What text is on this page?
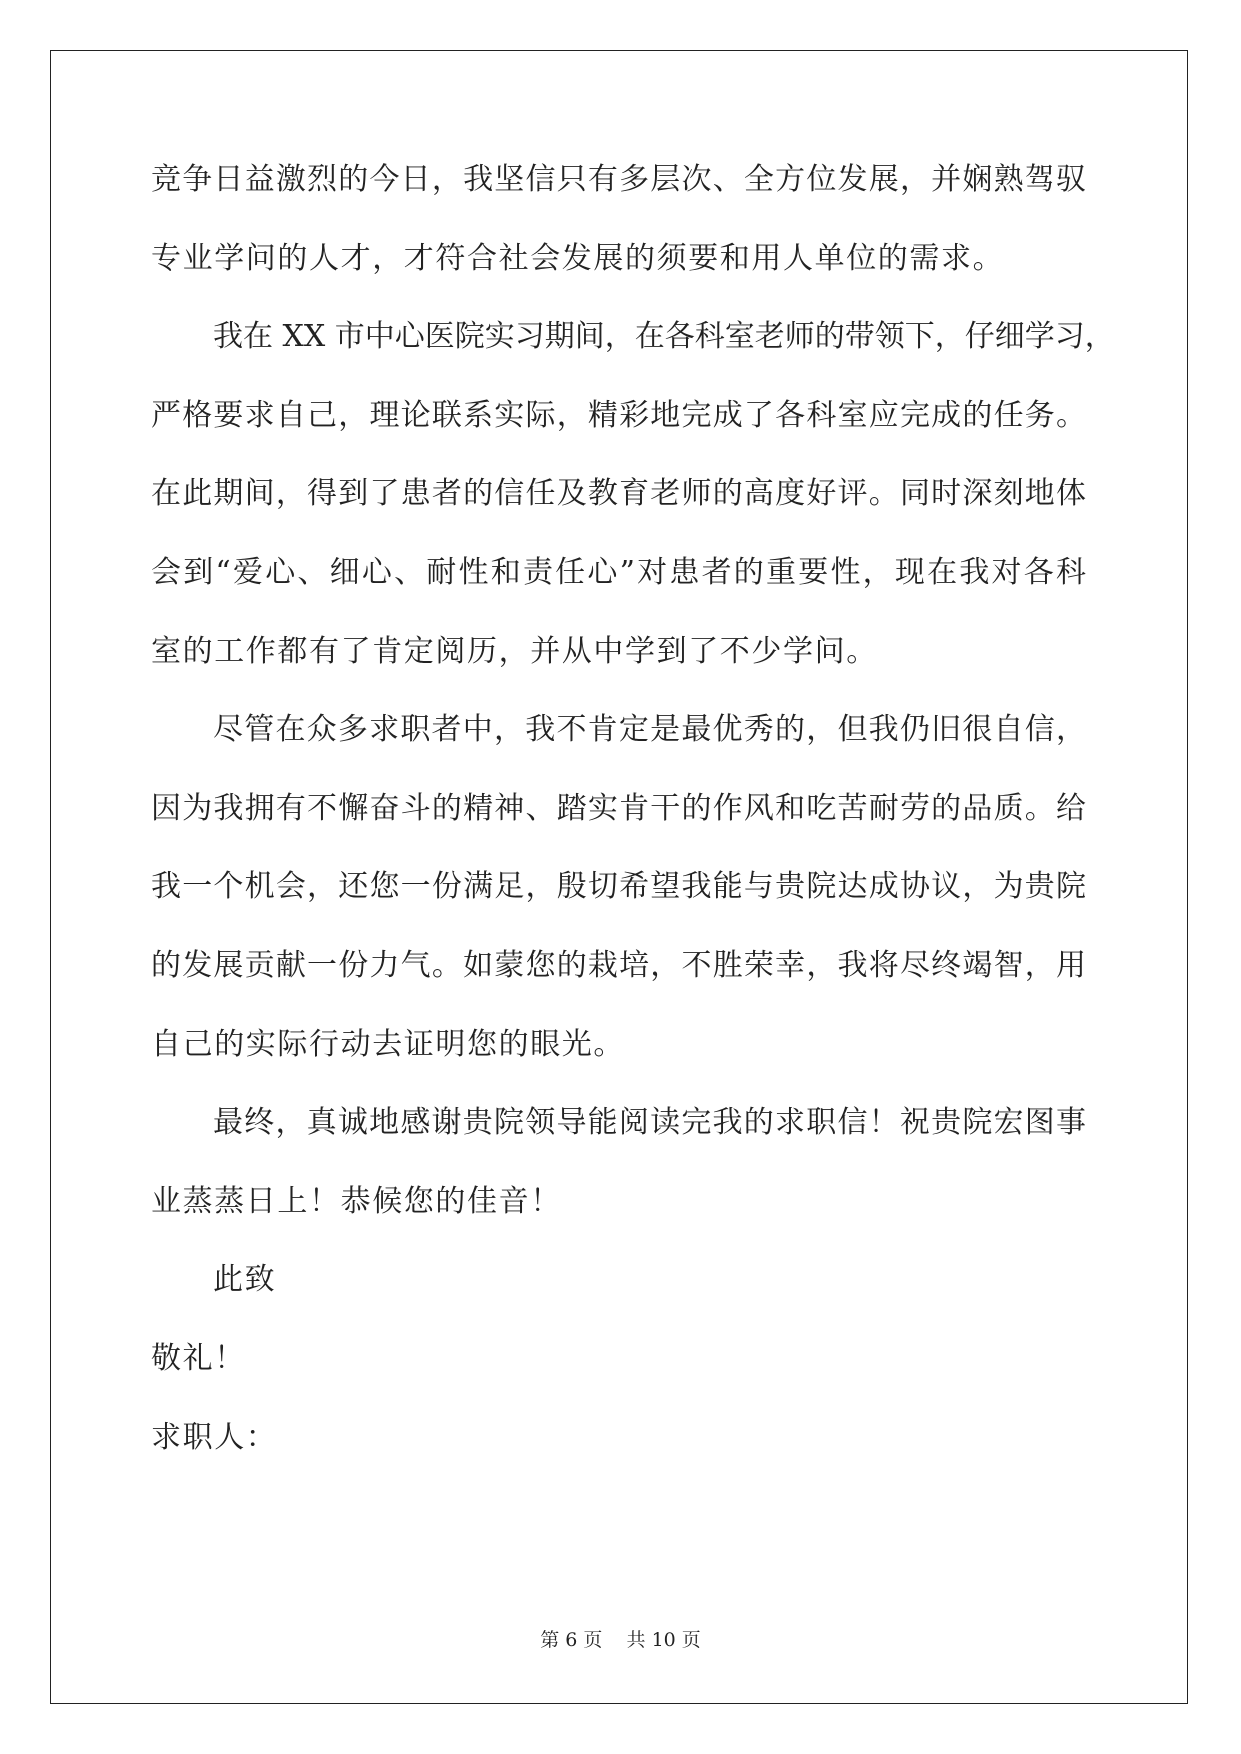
竞争日益激烈的今日，我坚信只有多层次、全方位发展，并娴熟驾驭
专业学问的人才，才符合社会发展的须要和用人单位的需求。
我在 XX 市中心医院实习期间，在各科室老师的带领下，仔细学习，
严格要求自己，理论联系实际，精彩地完成了各科室应完成的任务。
在此期间，得到了患者的信任及教育老师的高度好评。同时深刻地体
会到“爱心、细心、耐性和责任心”对患者的重要性，现在我对各科
室的工作都有了肯定阅历，并从中学到了不少学问。
尽管在众多求职者中，我不肯定是最优秀的，但我仍旧很自信，
因为我拥有不懈奋斗的精神、踏实肯干的作风和吃苦耐劳的品质。给
我一个机会，还您一份满足，殷切希望我能与贵院达成协议，为贵院
的发展贡献一份力气。如蒙您的栽培，不胜荣幸，我将尽终竭智，用
自己的实际行动去证明您的眼光。
最终，真诚地感谢贵院领导能阅读完我的求职信！祝贵院宏图事
业蒸蒸日上！恭候您的佳音！
此致
敬礼！
求职人：
第 6 页    共 10 页
